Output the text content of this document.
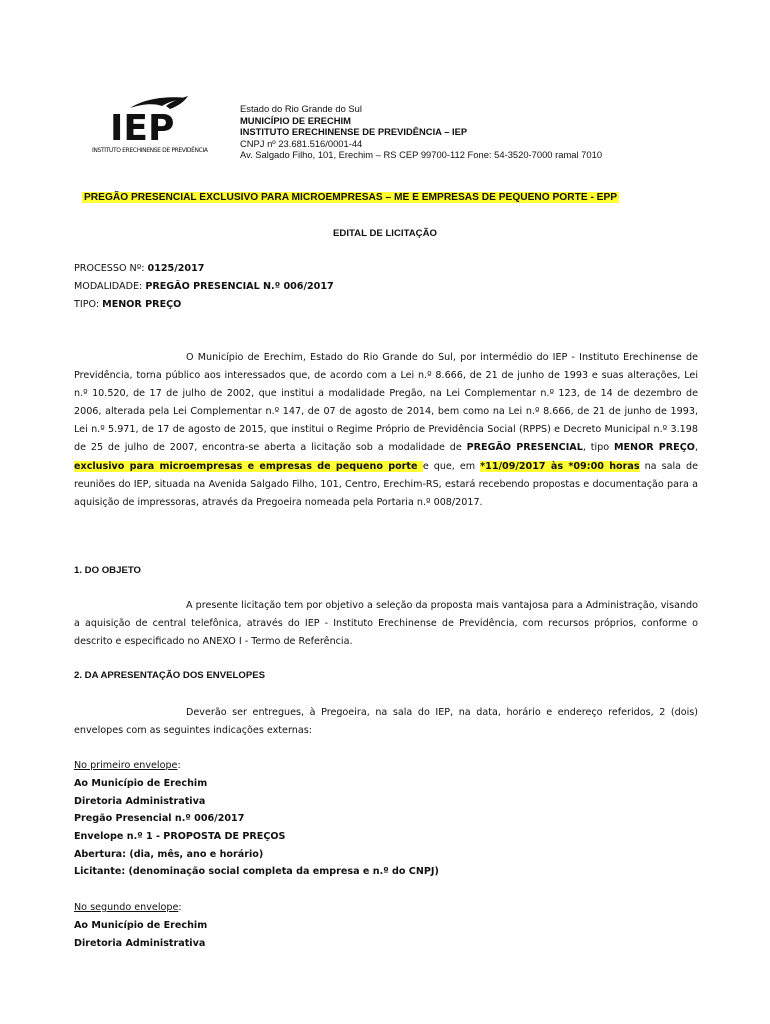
IEP
INSTITUTO ERECHINENSE DE PREVIDÊNCIA
Estado do Rio Grande do Sul
MUNICÍPIO DE ERECHIM
INSTITUTO ERECHINENSE DE PREVIDÊNCIA – IEP
CNPJ nº 23.681.516/0001-44
Av. Salgado Filho, 101, Erechim – RS CEP 99700-112 Fone: 54-3520-7000 ramal 7010
PREGÃO PRESENCIAL EXCLUSIVO PARA MICROEMPRESAS – ME E EMPRESAS DE PEQUENO PORTE - EPP
EDITAL DE LICITAÇÃO
PROCESSO Nº: 0125/2017
MODALIDADE: PREGÃO PRESENCIAL N.º 006/2017
TIPO: MENOR PREÇO
O Município de Erechim, Estado do Rio Grande do Sul, por intermédio do IEP - Instituto Erechinense de Previdência, torna público aos interessados que, de acordo com a Lei n.º 8.666, de 21 de junho de 1993 e suas alterações, Lei n.º 10.520, de 17 de julho de 2002, que institui a modalidade Pregão, na Lei Complementar n.º 123, de 14 de dezembro de 2006, alterada pela Lei Complementar n.º 147, de 07 de agosto de 2014, bem como na Lei n.º 8.666, de 21 de junho de 1993, Lei n.º 5.971, de 17 de agosto de 2015, que institui o Regime Próprio de Previdência Social (RPPS) e Decreto Municipal n.º 3.198 de 25 de julho de 2007, encontra-se aberta a licitação sob a modalidade de PREGÃO PRESENCIAL, tipo MENOR PREÇO, exclusivo para microempresas e empresas de pequeno porte e que, em *11/09/2017 às *09:00 horas na sala de reuniões do IEP, situada na Avenida Salgado Filho, 101, Centro, Erechim-RS, estará recebendo propostas e documentação para a aquisição de impressoras, através da Pregoeira nomeada pela Portaria n.º 008/2017.
1. DO OBJETO
A presente licitação tem por objetivo a seleção da proposta mais vantajosa para a Administração, visando a aquisição de central telefônica, através do IEP - Instituto Erechinense de Previdência, com recursos próprios, conforme o descrito e especificado no ANEXO I - Termo de Referência.
2. DA APRESENTAÇÃO DOS ENVELOPES
Deverão ser entregues, à Pregoeira, na sala do IEP, na data, horário e endereço referidos, 2 (dois) envelopes com as seguintes indicações externas:
No primeiro envelope:
Ao Município de Erechim
Diretoria Administrativa
Pregão Presencial n.º 006/2017
Envelope n.º 1 - PROPOSTA DE PREÇOS
Abertura: (dia, mês, ano e horário)
Licitante: (denominação social completa da empresa e n.º do CNPJ)
No segundo envelope:
Ao Município de Erechim
Diretoria Administrativa
